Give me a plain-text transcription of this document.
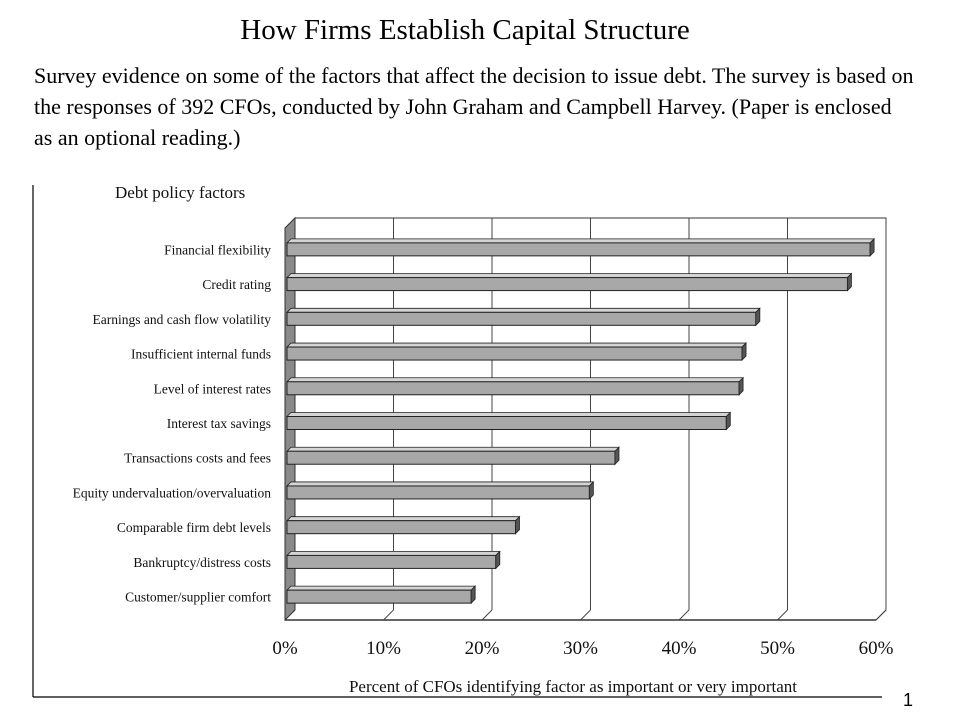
How Firms Establish Capital Structure
Survey evidence on some of the factors that affect the decision to issue debt. The survey is based on the responses of 392 CFOs, conducted by John Graham and Campbell Harvey. (Paper is enclosed as an optional reading.)
0%	10%	20%	30%	40%	50%	60%
Financial flexibility
Credit rating
Earnings and cash flow volatility
Insufficient internal funds
Level of interest rates
Interest tax savings
Transactions costs and fees
Equity undervaluation/overvaluation
Comparable firm debt levels
Bankruptcy/distress costs
Customer/supplier comfort
Debt policy factors
Percent of CFOs identifying factor as important or very important
1
